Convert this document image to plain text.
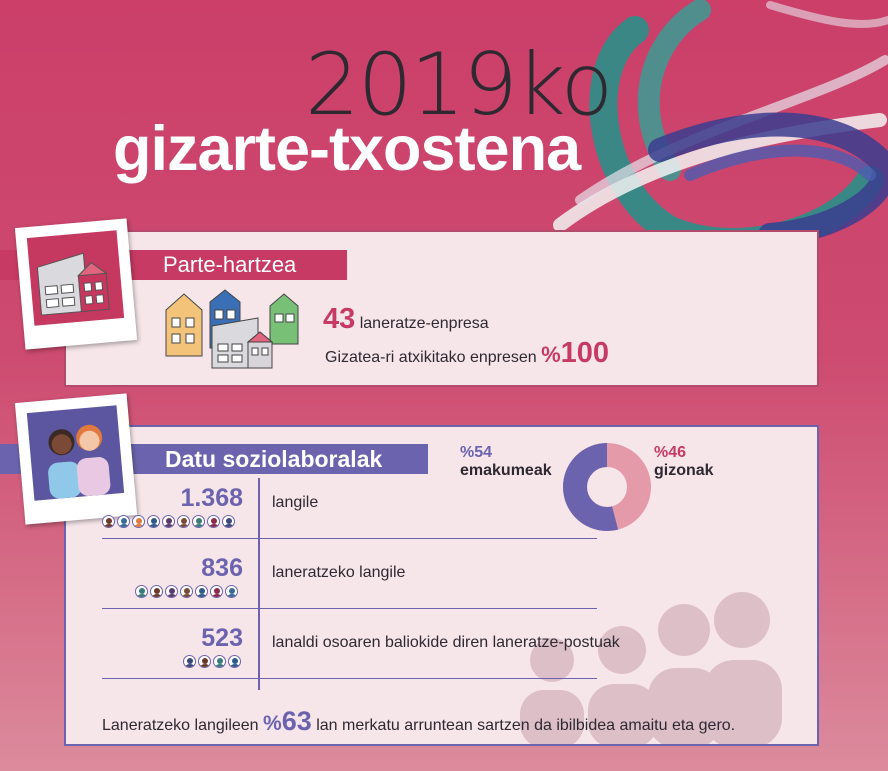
2019ko
gizarte-txostena
Parte-hartzea
43 laneratze-enpresa
Gizatea-ri atxikitako enpresen %100
Datu soziolaboralak	%54
emakumeak
%46
gizonak
1.368 langile
836 laneratzeko langile
523 lanaldi osoaren baliokide diren laneratze-postuak
Laneratzeko langileen %63 lan merkatu arruntean sartzen da ibilbidea amaitu eta gero.
